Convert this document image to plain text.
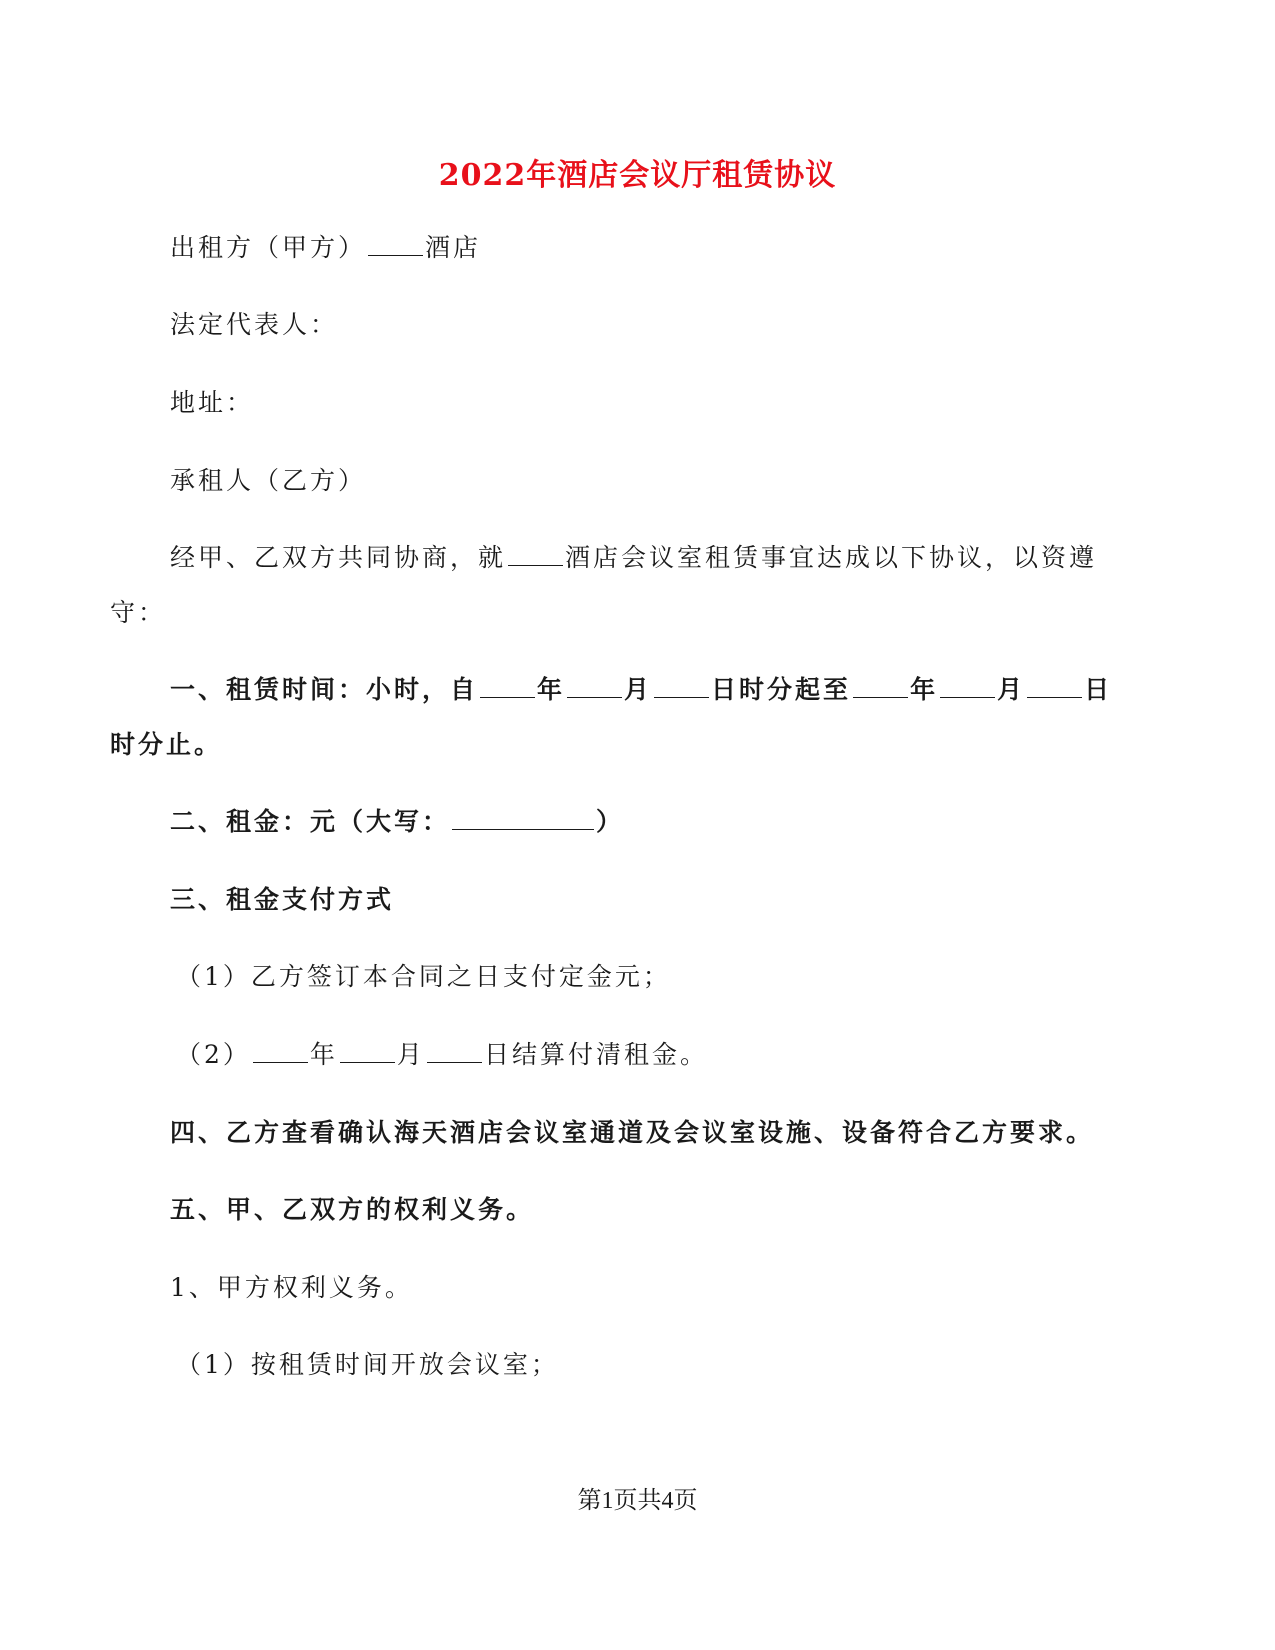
2022年酒店会议厅租赁协议
出租方（甲方） 酒店
法定代表人：
地址：
承租人（乙方）
经甲、乙双方共同协商，就 酒店会议室租赁事宜达成以下协议，以资遵
守：
一、租赁时间：小时，自 年 月 日时分起至 年 月 日
时分止。
二、租金：元（大写：	）
三、租金支付方式
（1）乙方签订本合同之日支付定金元；
（2） 年 月 日结算付清租金。
四、乙方查看确认海天酒店会议室通道及会议室设施、设备符合乙方要求。
五、甲、乙双方的权利义务。
1、甲方权利义务。
（1）按租赁时间开放会议室；
第1页共4页
